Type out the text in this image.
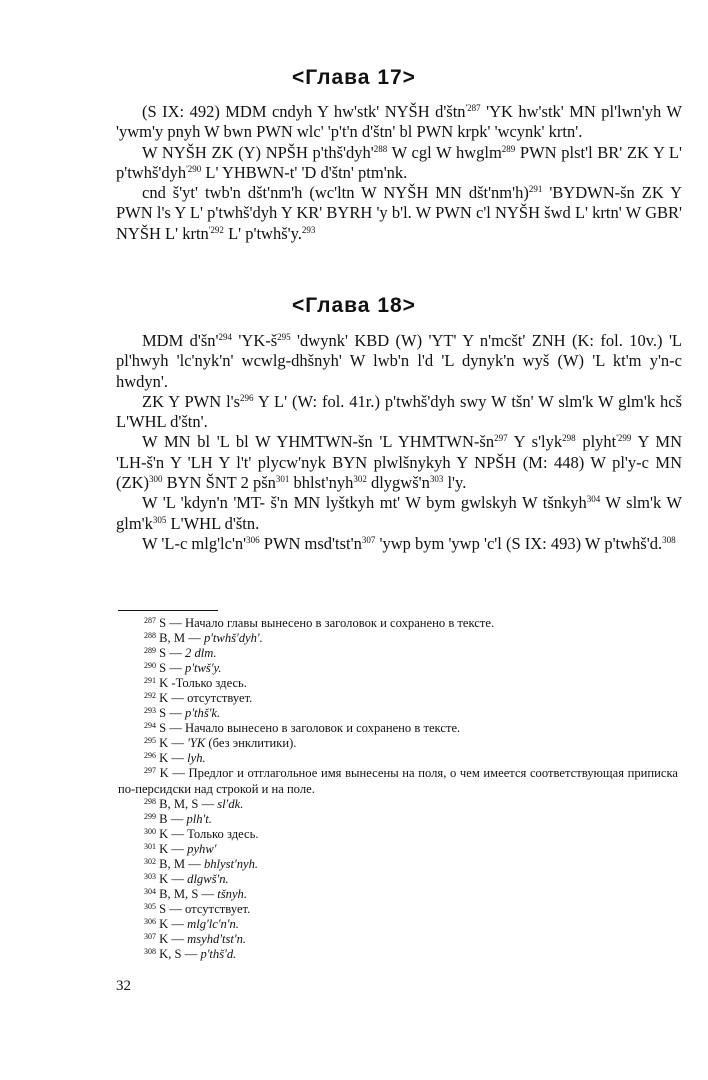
<Глава 17>

(S IX: 492) MDM cndyh Y hw'stk' NYŠH d'štn$^{'287}$ 'YK hw'stk' MN pl'lwn'yh W 'ywm'y pnyh W bwn PWN wlc' 'p't'n d'štn' bl PWN krpk' 'wcynk' krtn'.

W NYŠH ZK (Y) NPŠH $p'thš'dyh'^{288}$ W cgl W hwglm$^{289}$ PWN plst'l BR' ZK Y L' p'twhš'dyh$^{'290}$ L' YHBWN-t' 'D d'štn' ptm'nk.

cnd š'yt' twb'n dšt'nm'h (wc'ltn W NYŠH MN dšt'nm'h)$^{291}$ 'BYDWN-šn ZK Y PWN l's Y L' p'twhš'dyh Y KR' BYRH 'y b'l. W PWN c'l NYŠH šwd L' krtn' W GBR' NYŠH L' krtn$^{'292}$ L' p'twhš'y.$^{293}$

<Глава 18>

MDM $d'šn'^{294}$ '$YK-š^{295}$ 'dwynk' KBD (W) 'YT' Y n'mcšt' ZNH (K: fol. 10v.) 'L pl'hwyh 'lc'nyk'n' wcwlg-dhšnyh' W lwb'n l'd 'L dynyk'n wyš (W) 'L kt'm y'n-c hwdyn'.

ZK Y PWN $l's^{296}$ Y L' (W: fol. 41r.) p'twhš'dyh swy W tšn' W slm'k W glm'k hcš L'WHL d'štn'.

W MN bl 'L bl W YHMTWN-šn 'L YHMTWN-$šn^{297}$ Y s'lyk$^{298}$ plyht$^{'299}$ Y MN 'LH-š'n Y 'LH Y l't' plycw'nyk BYN plwlšnykyh Y NPŠH (M: 448) W pl'y-c MN (ZK)$^{300}$ BYN ŠNT 2 pšn$^{301}$ bhlst'nyh$^{302}$ $dlygwš'n^{303}$ l'y.

W 'L 'kdyn'n 'MT- š'n MN lyštkyh mt' W bym gwlskyh W tšnkyh$^{304}$ W slm'k W $glm'k^{305}$ L'WHL d'štn.

W 'L-c $mlg'lc'n'^{306}$ PWN $msd'tst'n^{307}$ 'ywp bym 'ywp 'c'l (S IX: 493) W p'twhš'd.$^{308}$

$^{287}$ S — Начало главы вынесено в заголовок и сохранено в тексте.
$^{288}$ B, M — p'twhš'dyh'.
$^{289}$ S — 2 dlm.
$^{290}$ S — p'twš'y.
$^{291}$ K -Только здесь.
$^{292}$ K — отсутствует.
$^{293}$ S — p'thš'k.
$^{294}$ S — Начало вынесено в заголовок и сохранено в тексте.
$^{295}$ K — 'YK (без энклитики).
$^{296}$ K — lyh.
$^{297}$ K — Предлог и отглагольное имя вынесены на поля, о чем имеется соответствующая приписка по-персидски над строкой и на поле.
$^{298}$ B, M, S — sl'dk.
$^{299}$ B — plh't.
$^{300}$ K — Только здесь.
$^{301}$ K — pyhw'
$^{302}$ B, M — bhlyst'nyh.
$^{303}$ K — dlgwš'n.
$^{304}$ B, M, S — tšnyh.
$^{305}$ S — отсутствует.
$^{306}$ K — mlg'lc'n'n.
$^{307}$ K — msyhd'tst'n.
$^{308}$ K, S — p'thš'd.
32
